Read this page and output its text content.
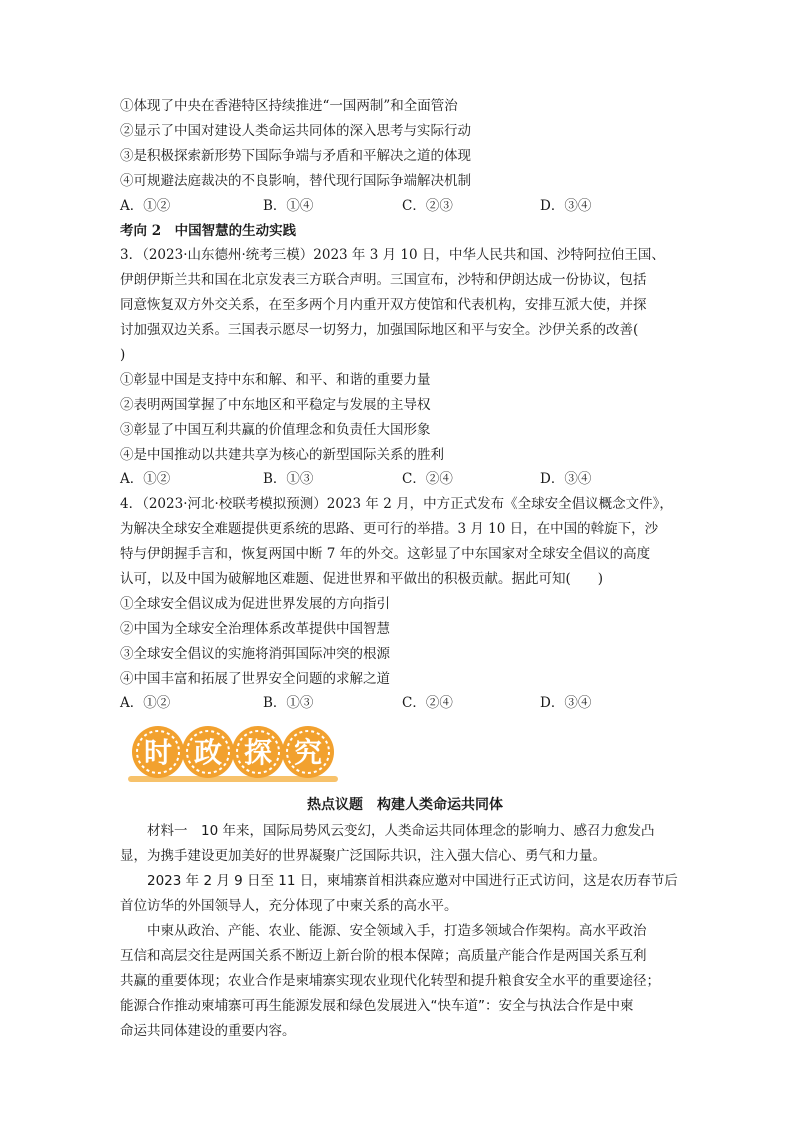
①体现了中央在香港特区持续推进“一国两制”和全面管治
②显示了中国对建设人类命运共同体的深入思考与实际行动
③是积极探索新形势下国际争端与矛盾和平解决之道的体现
④可规避法庭裁决的不良影响，替代现行国际争端解决机制
A．①②	B．①④	C．②③	D．③④
考向 2　中国智慧的生动实践
3．（2023·山东德州·统考三模）2023 年 3 月 10 日，中华人民共和国、沙特阿拉伯王国、
伊朗伊斯兰共和国在北京发表三方联合声明。三国宣布，沙特和伊朗达成一份协议，包括
同意恢复双方外交关系，在至多两个月内重开双方使馆和代表机构，安排互派大使，并探
讨加强双边关系。三国表示愿尽一切努力，加强国际地区和平与安全。沙伊关系的改善(
)
①彰显中国是支持中东和解、和平、和谐的重要力量
②表明两国掌握了中东地区和平稳定与发展的主导权
③彰显了中国互利共赢的价值理念和负责任大国形象
④是中国推动以共建共享为核心的新型国际关系的胜利
A．①②	B．①③	C．②④	D．③④
4．（2023·河北·校联考模拟预测）2023 年 2 月，中方正式发布《全球安全倡议概念文件》，
为解决全球安全难题提供更系统的思路、更可行的举措。3 月 10 日，在中国的斡旋下，沙
特与伊朗握手言和，恢复两国中断 7 年的外交。这彰显了中东国家对全球安全倡议的高度
认可，以及中国为破解地区难题、促进世界和平做出的积极贡献。据此可知(　　)
①全球安全倡议成为促进世界发展的方向指引
②中国为全球安全治理体系改革提供中国智慧
③全球安全倡议的实施将消弭国际冲突的根源
④中国丰富和拓展了世界安全问题的求解之道
A．①②	B．①③	C．②④	D．③④
时 政 探 究
热点议题　构建人类命运共同体
　　材料一　10 年来，国际局势风云变幻，人类命运共同体理念的影响力、感召力愈发凸
显，为携手建设更加美好的世界凝聚广泛国际共识，注入强大信心、勇气和力量。
　　2023 年 2 月 9 日至 11 日，柬埔寨首相洪森应邀对中国进行正式访问，这是农历春节后
首位访华的外国领导人，充分体现了中柬关系的高水平。
　　中柬从政治、产能、农业、能源、安全领域入手，打造多领域合作架构。高水平政治
互信和高层交往是两国关系不断迈上新台阶的根本保障；高质量产能合作是两国关系互利
共赢的重要体现；农业合作是柬埔寨实现农业现代化转型和提升粮食安全水平的重要途径；
能源合作推动柬埔寨可再生能源发展和绿色发展进入“快车道”：安全与执法合作是中柬
命运共同体建设的重要内容。
